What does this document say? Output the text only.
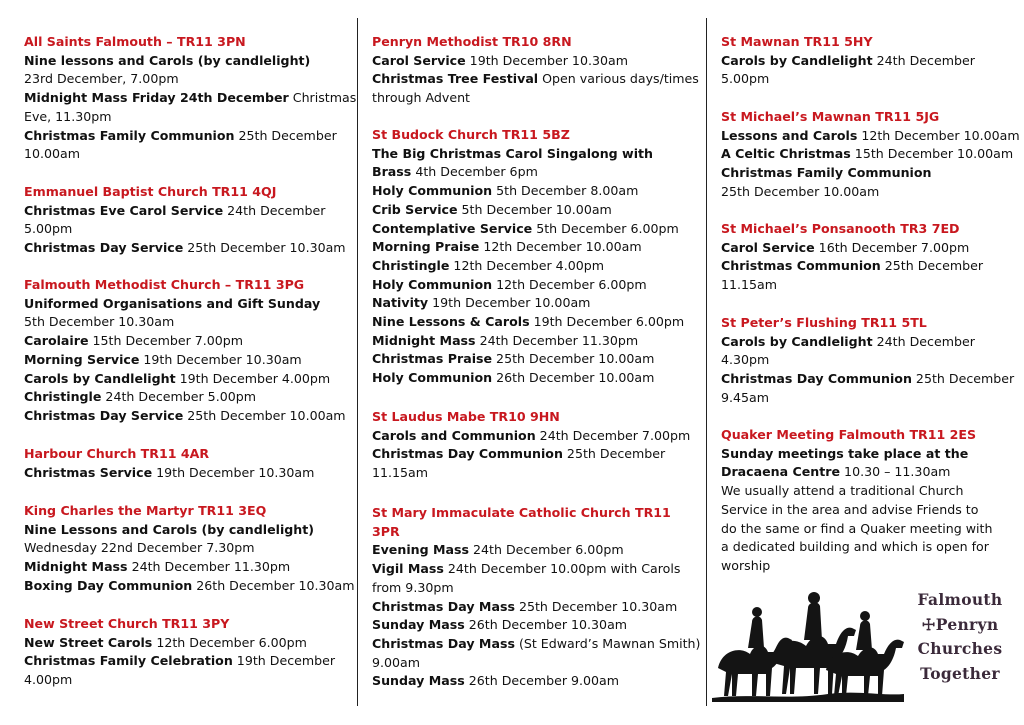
All Saints Falmouth – TR11 3PN
Nine lessons and Carols (by candlelight)
23rd December, 7.00pm
Midnight Mass Friday 24th December Christmas
Eve, 11.30pm
Christmas Family Communion 25th December
10.00am
Emmanuel Baptist Church TR11 4QJ
Christmas Eve Carol Service 24th December
5.00pm
Christmas Day Service 25th December 10.30am
Falmouth Methodist Church – TR11 3PG
Uniformed Organisations and Gift Sunday
5th December 10.30am
Carolaire 15th December 7.00pm
Morning Service 19th December 10.30am
Carols by Candlelight 19th December 4.00pm
Christingle 24th December 5.00pm
Christmas Day Service 25th December 10.00am
Harbour Church TR11 4AR
Christmas Service 19th December 10.30am
King Charles the Martyr TR11 3EQ
Nine Lessons and Carols (by candlelight)
Wednesday 22nd December 7.30pm
Midnight Mass 24th December 11.30pm
Boxing Day Communion 26th December 10.30am
New Street Church TR11 3PY
New Street Carols 12th December 6.00pm
Christmas Family Celebration 19th December
4.00pm
Penryn Methodist TR10 8RN
Carol Service 19th December 10.30am
Christmas Tree Festival Open various days/times
through Advent
St Budock Church TR11 5BZ
The Big Christmas Carol Singalong with
Brass 4th December 6pm
Holy Communion 5th December 8.00am
Crib Service 5th December 10.00am
Contemplative Service 5th December 6.00pm
Morning Praise 12th December 10.00am
Christingle 12th December 4.00pm
Holy Communion 12th December 6.00pm
Nativity 19th December 10.00am
Nine Lessons & Carols 19th December 6.00pm
Midnight Mass 24th December 11.30pm
Christmas Praise 25th December 10.00am
Holy Communion 26th December 10.00am
St Laudus Mabe TR10 9HN
Carols and Communion 24th December 7.00pm
Christmas Day Communion 25th December
11.15am
St Mary Immaculate Catholic Church TR11 3PR
Evening Mass 24th December 6.00pm
Vigil Mass 24th December 10.00pm with Carols
from 9.30pm
Christmas Day Mass 25th December 10.30am
Sunday Mass 26th December 10.30am
Christmas Day Mass (St Edward’s Mawnan Smith)
9.00am
Sunday Mass 26th December 9.00am
St Mawnan TR11 5HY
Carols by Candlelight 24th December
5.00pm
St Michael’s Mawnan TR11 5JG
Lessons and Carols 12th December 10.00am
A Celtic Christmas 15th December 10.00am
Christmas Family Communion
25th December 10.00am
St Michael’s Ponsanooth TR3 7ED
Carol Service 16th December 7.00pm
Christmas Communion 25th December
11.15am
St Peter’s Flushing TR11 5TL
Carols by Candlelight 24th December
4.30pm
Christmas Day Communion 25th December
9.45am
Quaker Meeting Falmouth TR11 2ES
Sunday meetings take place at the
Dracaena Centre 10.30 – 11.30am
We usually attend a traditional Church
Service in the area and advise Friends to
do the same or find a Quaker meeting with
a dedicated building and which is open for
worship
Falmouth
☩Penryn
Churches
Together
